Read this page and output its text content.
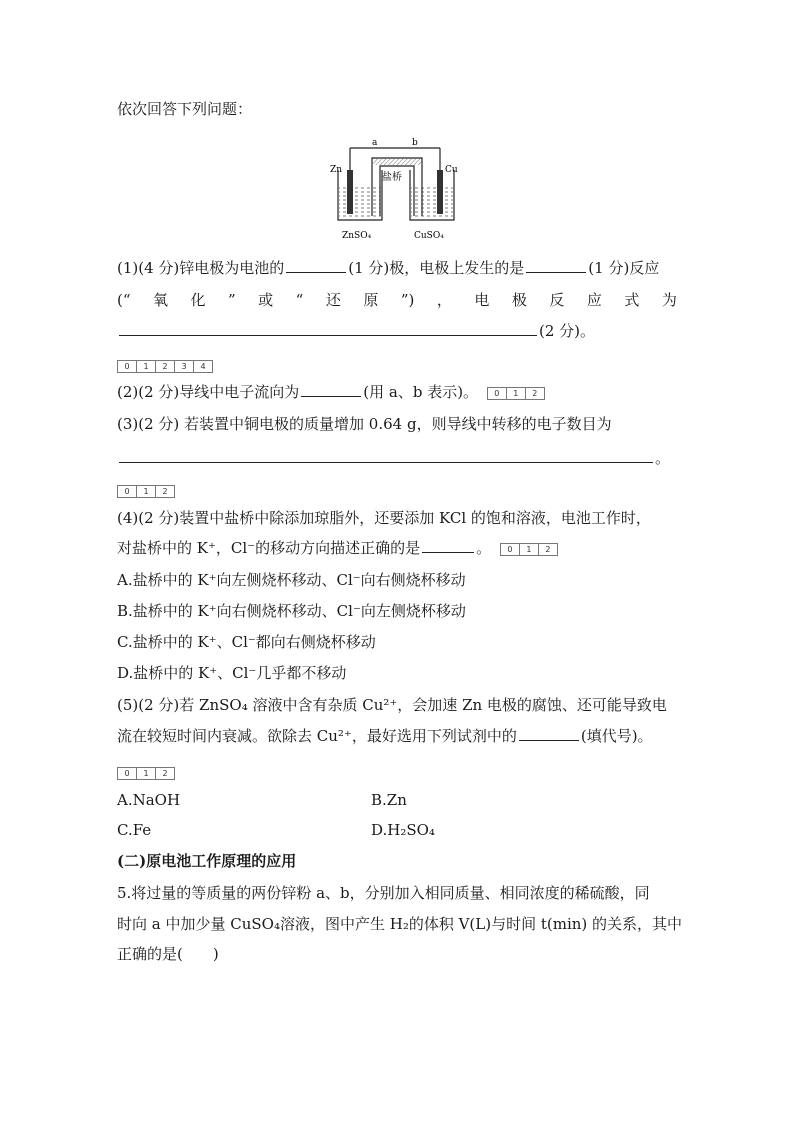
依次回答下列问题：
a	b
盐桥
Zn	Cu
ZnSO₄	CuSO₄
(1)(4 分)锌电极为电池的	(1 分)极，电极上发生的是	(1 分)反应
(“ 氧 化 ” 或 “ 还 原 ”) ， 电 极 反 应 式 为
(2 分)。
0	1	2	3	4
(2)(2 分)导线中电子流向为	(用 a、b 表示)。	0	1	2
(3)(2 分) 若装置中铜电极的质量增加 0.64 g，则导线中转移的电子数目为
。
0	1	2
(4)(2 分)装置中盐桥中除添加琼脂外，还要添加 KCl 的饱和溶液，电池工作时，
对盐桥中的 K⁺，Cl⁻的移动方向描述正确的是	。	0	1	2
A.盐桥中的 K⁺向左侧烧杯移动、Cl⁻向右侧烧杯移动
B.盐桥中的 K⁺向右侧烧杯移动、Cl⁻向左侧烧杯移动
C.盐桥中的 K⁺、Cl⁻都向右侧烧杯移动
D.盐桥中的 K⁺、Cl⁻几乎都不移动
(5)(2 分)若 ZnSO₄ 溶液中含有杂质 Cu²⁺，会加速 Zn 电极的腐蚀、还可能导致电
流在较短时间内衰减。欲除去 Cu²⁺，最好选用下列试剂中的	(填代号)。
0	1	2
A.NaOH	B.Zn
C.Fe	D.H₂SO₄
(二)原电池工作原理的应用
5.将过量的等质量的两份锌粉 a、b，分别加入相同质量、相同浓度的稀硫酸，同
时向 a 中加少量 CuSO₄溶液，图中产生 H₂的体积 V(L)与时间 t(min) 的关系，其中
正确的是(　　)
